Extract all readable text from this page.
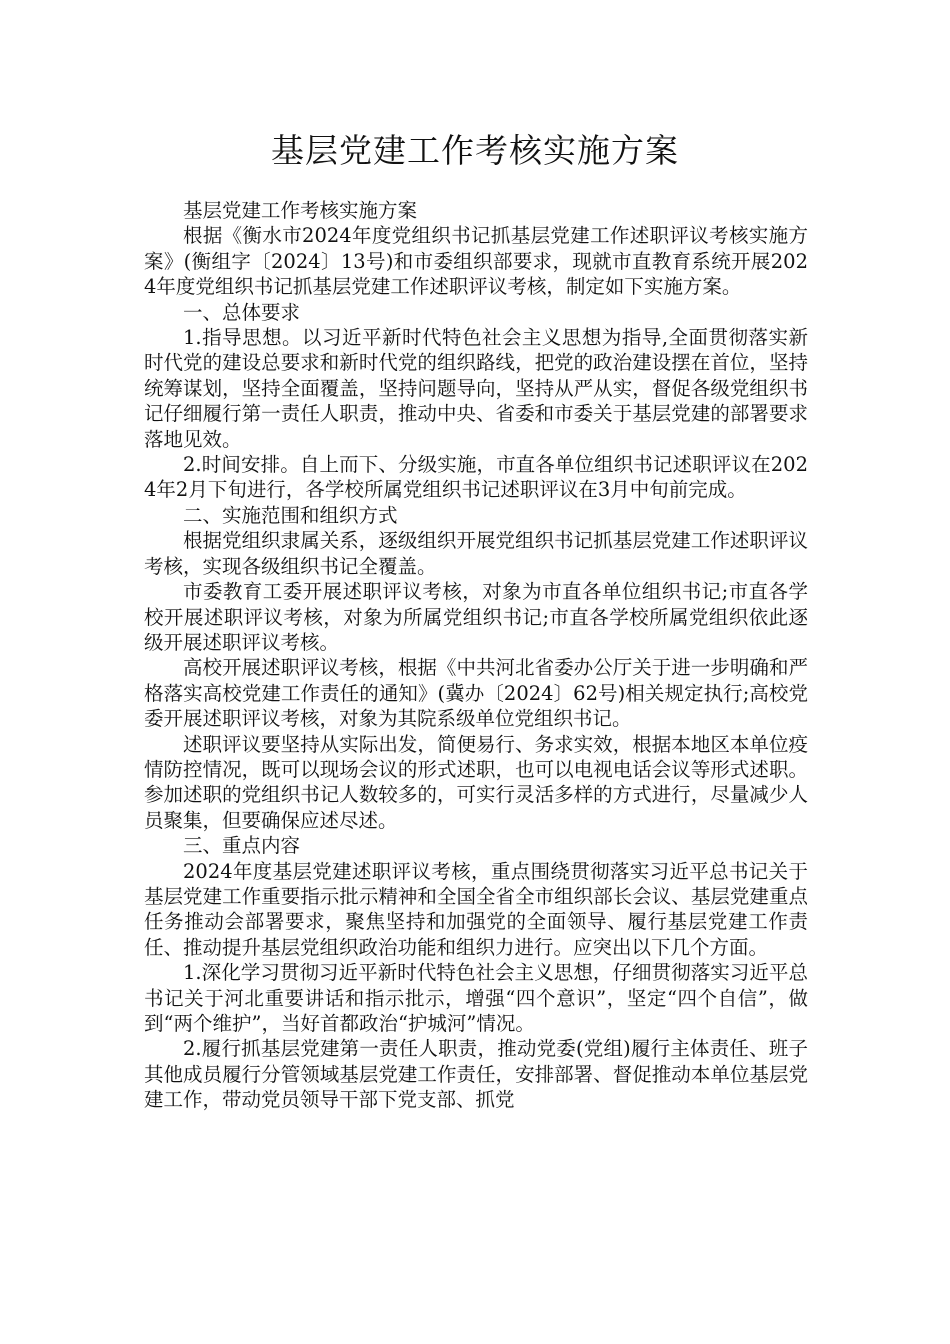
基层党建工作考核实施方案

基层党建工作考核实施方案

根据《衡水市2024年度党组织书记抓基层党建工作述职评议考核实施方案》(衡组字〔2024〕13号)和市委组织部要求，现就市直教育系统开展2024年度党组织书记抓基层党建工作述职评议考核，制定如下实施方案。

一、总体要求

1.指导思想。以习近平新时代特色社会主义思想为指导,全面贯彻落实新时代党的建设总要求和新时代党的组织路线，把党的政治建设摆在首位，坚持统筹谋划，坚持全面覆盖，坚持问题导向，坚持从严从实，督促各级党组织书记仔细履行第一责任人职责，推动中央、省委和市委关于基层党建的部署要求落地见效。

2.时间安排。自上而下、分级实施，市直各单位组织书记述职评议在2024年2月下旬进行，各学校所属党组织书记述职评议在3月中旬前完成。

二、实施范围和组织方式

根据党组织隶属关系，逐级组织开展党组织书记抓基层党建工作述职评议考核，实现各级组织书记全覆盖。

市委教育工委开展述职评议考核，对象为市直各单位组织书记;市直各学校开展述职评议考核，对象为所属党组织书记;市直各学校所属党组织依此逐级开展述职评议考核。

高校开展述职评议考核，根据《中共河北省委办公厅关于进一步明确和严格落实高校党建工作责任的通知》(冀办〔2024〕62号)相关规定执行;高校党委开展述职评议考核，对象为其院系级单位党组织书记。

述职评议要坚持从实际出发，简便易行、务求实效，根据本地区本单位疫情防控情况，既可以现场会议的形式述职，也可以电视电话会议等形式述职。参加述职的党组织书记人数较多的，可实行灵活多样的方式进行，尽量减少人员聚集，但要确保应述尽述。

三、重点内容

2024年度基层党建述职评议考核，重点围绕贯彻落实习近平总书记关于基层党建工作重要指示批示精神和全国全省全市组织部长会议、基层党建重点任务推动会部署要求，聚焦坚持和加强党的全面领导、履行基层党建工作责任、推动提升基层党组织政治功能和组织力进行。应突出以下几个方面。

1.深化学习贯彻习近平新时代特色社会主义思想，仔细贯彻落实习近平总书记关于河北重要讲话和指示批示，增强“四个意识”，坚定“四个自信”，做到“两个维护”，当好首都政治“护城河”情况。

2.履行抓基层党建第一责任人职责，推动党委(党组)履行主体责任、班子其他成员履行分管领域基层党建工作责任，安排部署、督促推动本单位基层党建工作，带动党员领导干部下党支部、抓党
